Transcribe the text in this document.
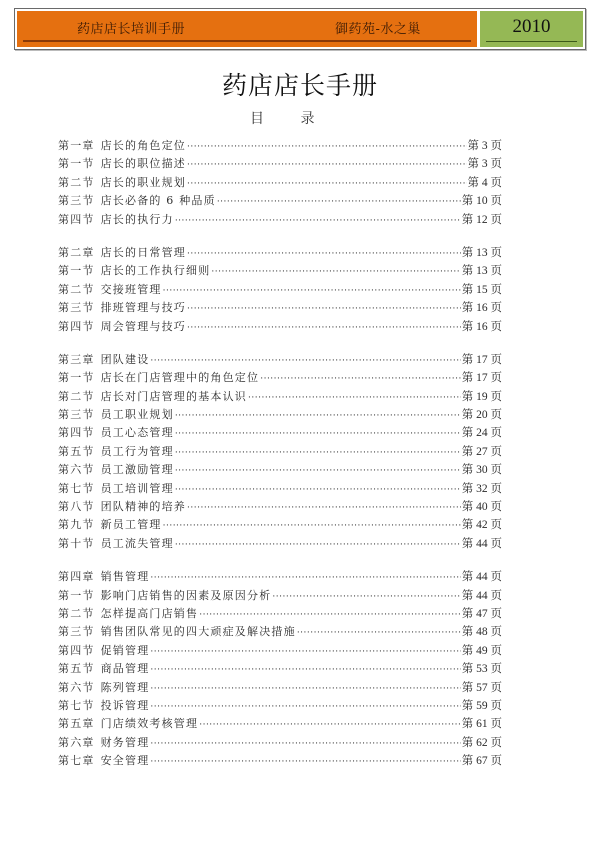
药店店长培训手册	御药苑-水之巢	2010
药店店长手册
目 录
第一章 店长的角色定位 ·····	第 3 页
第一节 店长的职位描述 ·····	第 3 页
第二节 店长的职业规划 ·····	第 4 页
第三节 店长必备的 6 种品质 ·····	第 10 页
第四节 店长的执行力 ·····	第 12 页
第二章 店长的日常管理 ·····	第 13 页
第一节 店长的工作执行细则 ·····	第 13 页
第二节 交接班管理 ·····	第 15 页
第三节 排班管理与技巧 ·····	第 16 页
第四节 周会管理与技巧 ·····	第 16 页
第三章 团队建设 ·····	第 17 页
第一节 店长在门店管理中的角色定位 ·····	第 17 页
第二节 店长对门店管理的基本认识 ·····	第 19 页
第三节 员工职业规划 ·····	第 20 页
第四节 员工心态管理 ·····	第 24 页
第五节 员工行为管理 ·····	第 27 页
第六节 员工激励管理 ·····	第 30 页
第七节 员工培训管理 ·····	第 32 页
第八节 团队精神的培养 ·····	第 40 页
第九节 新员工管理 ·····	第 42 页
第十节 员工流失管理 ·····	第 44 页
第四章 销售管理 ·····	第 44 页
第一节 影响门店销售的因素及原因分析 ·····	第 44 页
第二节 怎样提高门店销售 ·····	第 47 页
第三节 销售团队常见的四大顽症及解决措施 ·····	第 48 页
第四节 促销管理 ·····	第 49 页
第五节 商品管理 ·····	第 53 页
第六节 陈列管理 ·····	第 57 页
第七节 投诉管理 ·····	第 59 页
第五章 门店绩效考核管理 ·····	第 61 页
第六章 财务管理 ·····	第 62 页
第七章 安全管理 ·····	第 67 页
